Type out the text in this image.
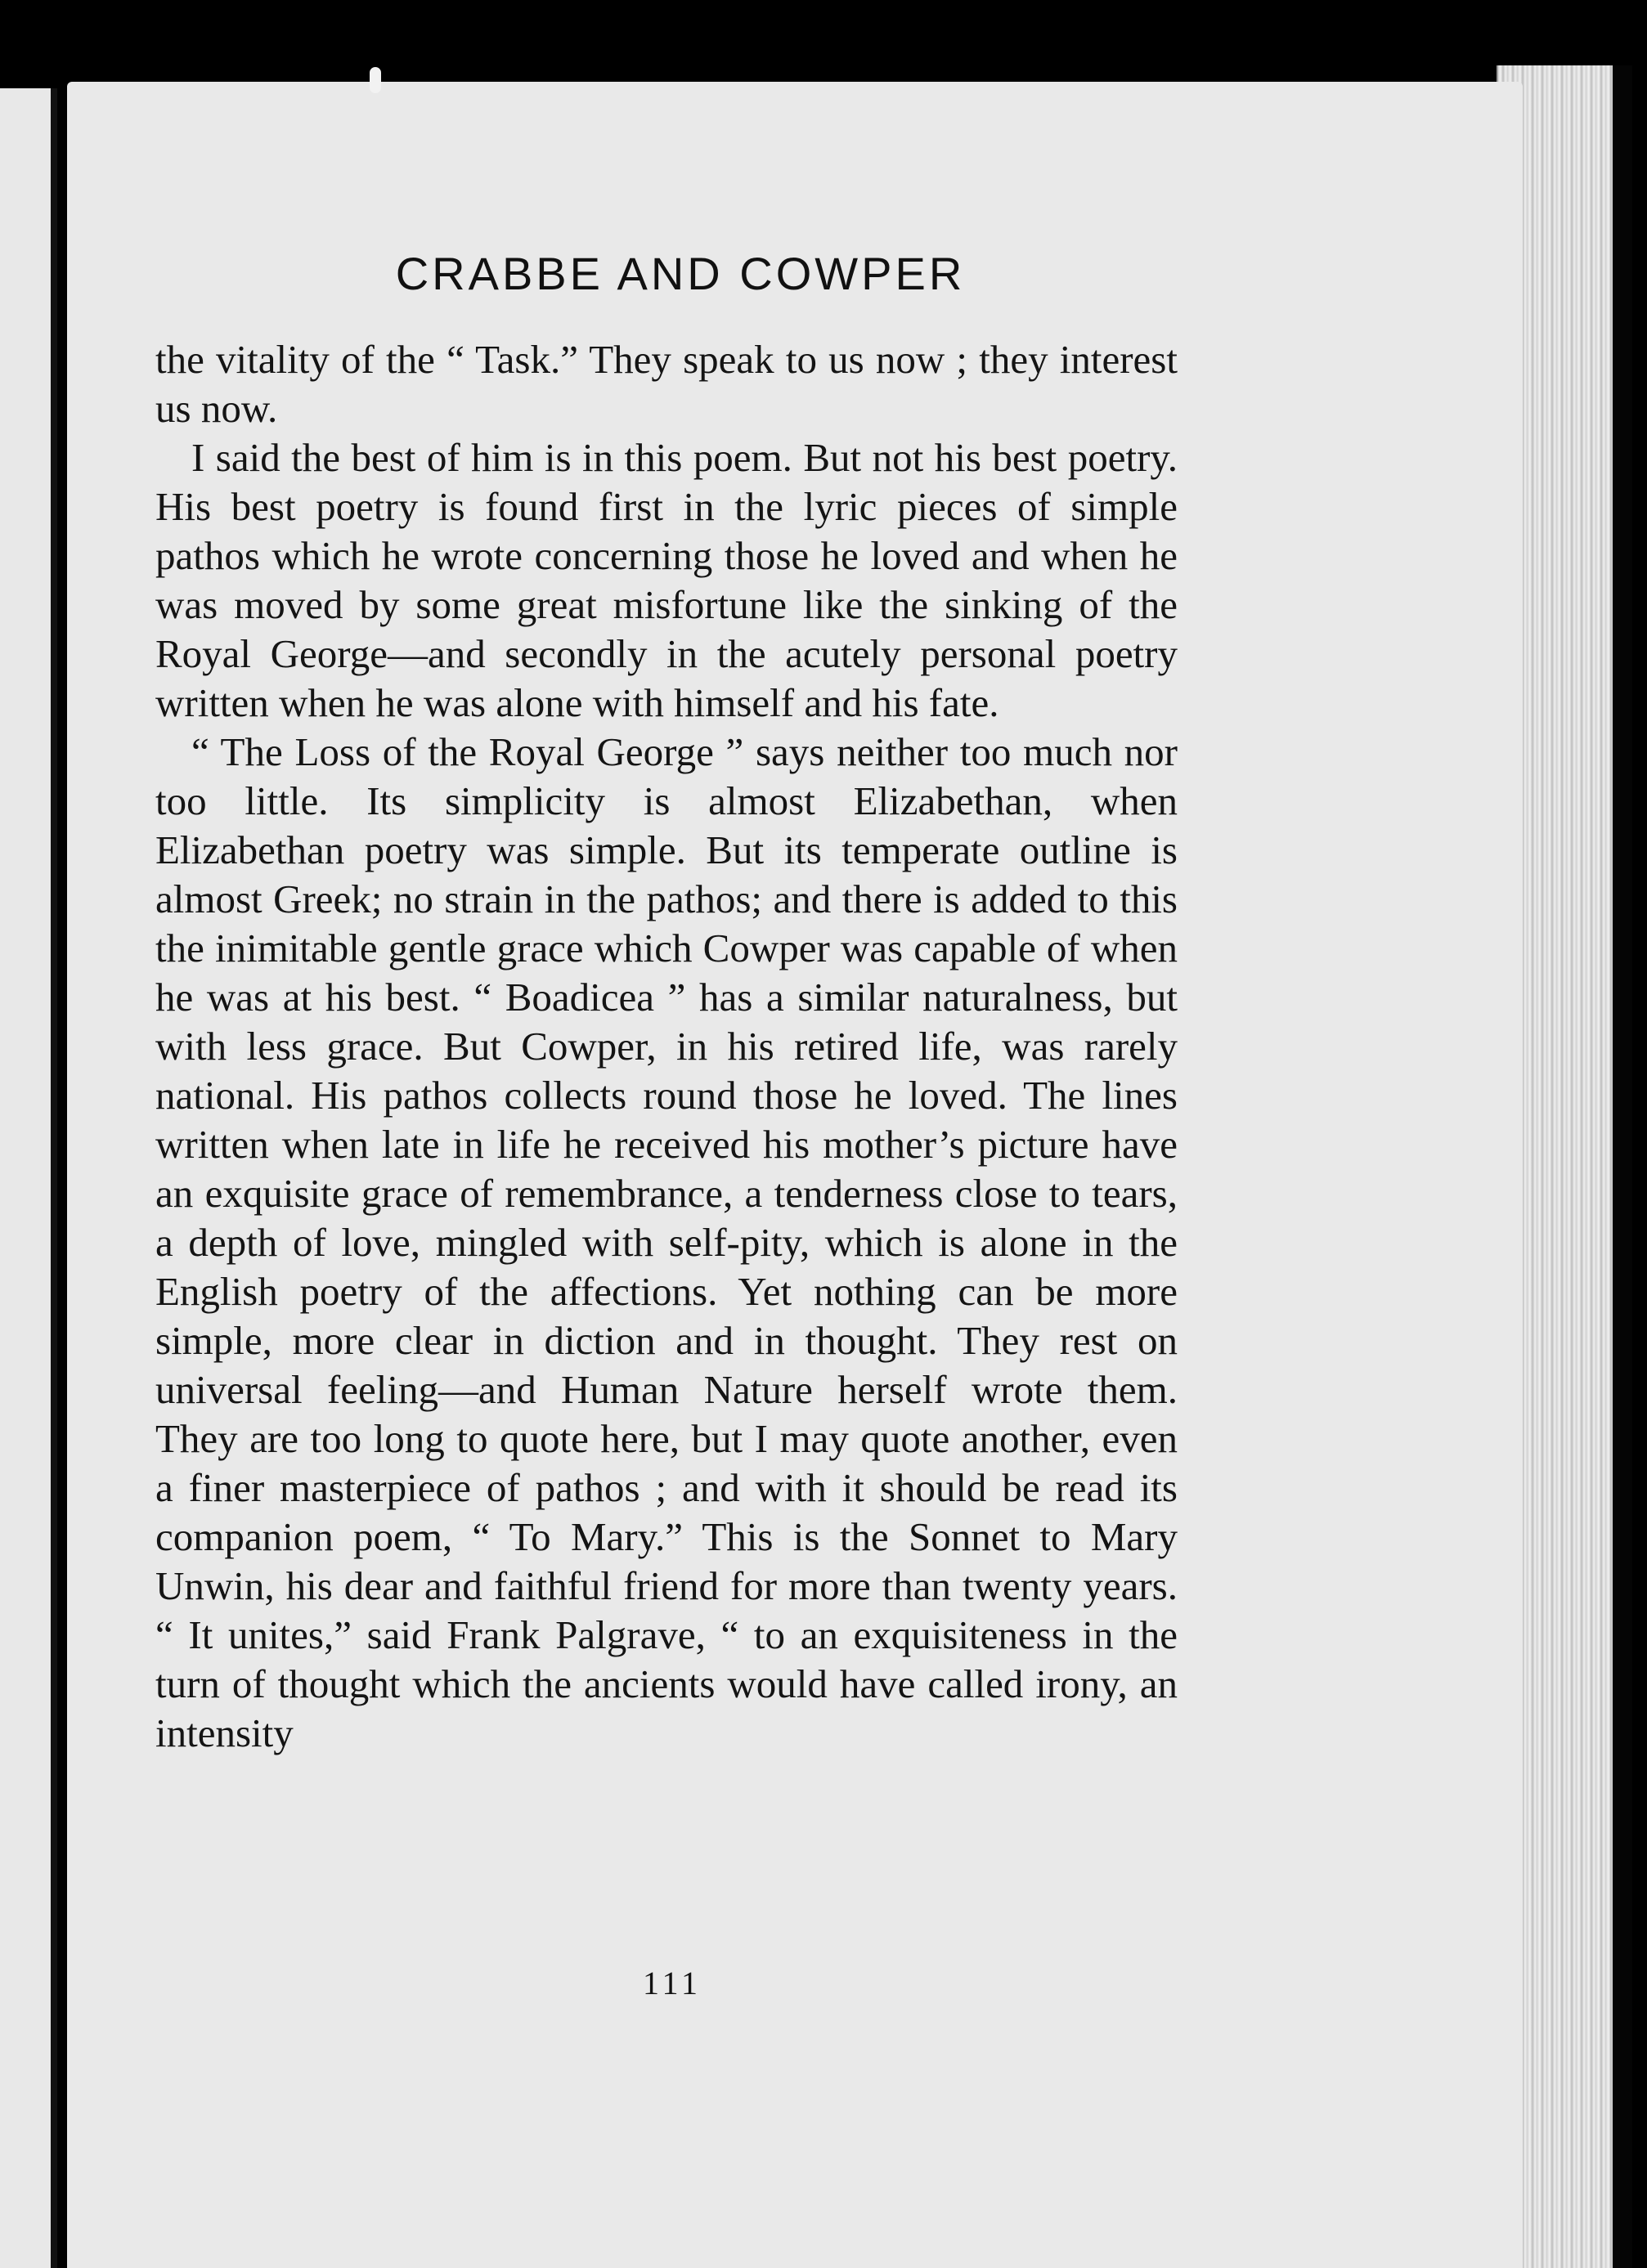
CRABBE AND COWPER

the vitality of the “ Task.” They speak to us now ; they interest us now.

I said the best of him is in this poem. But not his best poetry. His best poetry is found first in the lyric pieces of simple pathos which he wrote concerning those he loved and when he was moved by some great misfortune like the sinking of the Royal George—and secondly in the acutely personal poetry written when he was alone with himself and his fate.

“ The Loss of the Royal George ” says neither too much nor too little. Its simplicity is almost Elizabethan, when Elizabethan poetry was simple. But its temperate outline is almost Greek; no strain in the pathos; and there is added to this the inimitable gentle grace which Cowper was capable of when he was at his best. “ Boadicea ” has a similar naturalness, but with less grace. But Cowper, in his retired life, was rarely national. His pathos collects round those he loved. The lines written when late in life he received his mother’s picture have an exquisite grace of remembrance, a tenderness close to tears, a depth of love, mingled with self-pity, which is alone in the English poetry of the affections. Yet nothing can be more simple, more clear in diction and in thought. They rest on universal feeling—and Human Nature herself wrote them. They are too long to quote here, but I may quote another, even a finer masterpiece of pathos ; and with it should be read its companion poem, “ To Mary.” This is the Sonnet to Mary Unwin, his dear and faithful friend for more than twenty years. “ It unites,” said Frank Palgrave, “ to an exquisiteness in the turn of thought which the ancients would have called irony, an intensity

111
